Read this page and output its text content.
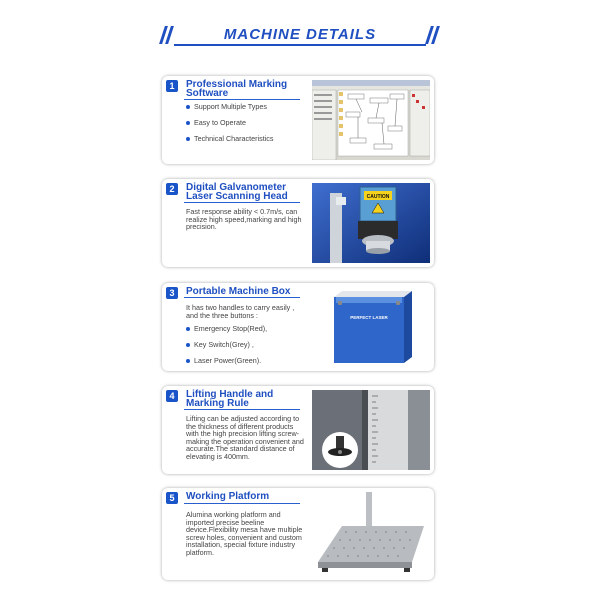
MACHINE DETAILS
1	Professional Marking Software
Support Multiple Types
Easy to Operate
Technical Characteristics
2	Digital Galvanometer Laser Scanning Head
Fast response ability < 0.7m/s, can realize high speed,marking and high precision.
CAUTION
3	Portable Machine Box
It has two handles to carry easily , and the three buttons :
Emergency Stop(Red),
Key Switch(Grey) ,
Laser Power(Green).
PERFECT LASER
4	Lifting Handle and Marking Rule
Lifting can be adjusted according to the thickness of different products with the high precision lifting screw-making the operation convenient and accurate.The standard distance of elevating is 400mm.
5	Working Platform
Alumina working platform and imported precise beeline device.Flexibility mesa have multiple screw holes, convenient and custom installation, special fixture industry platform.
